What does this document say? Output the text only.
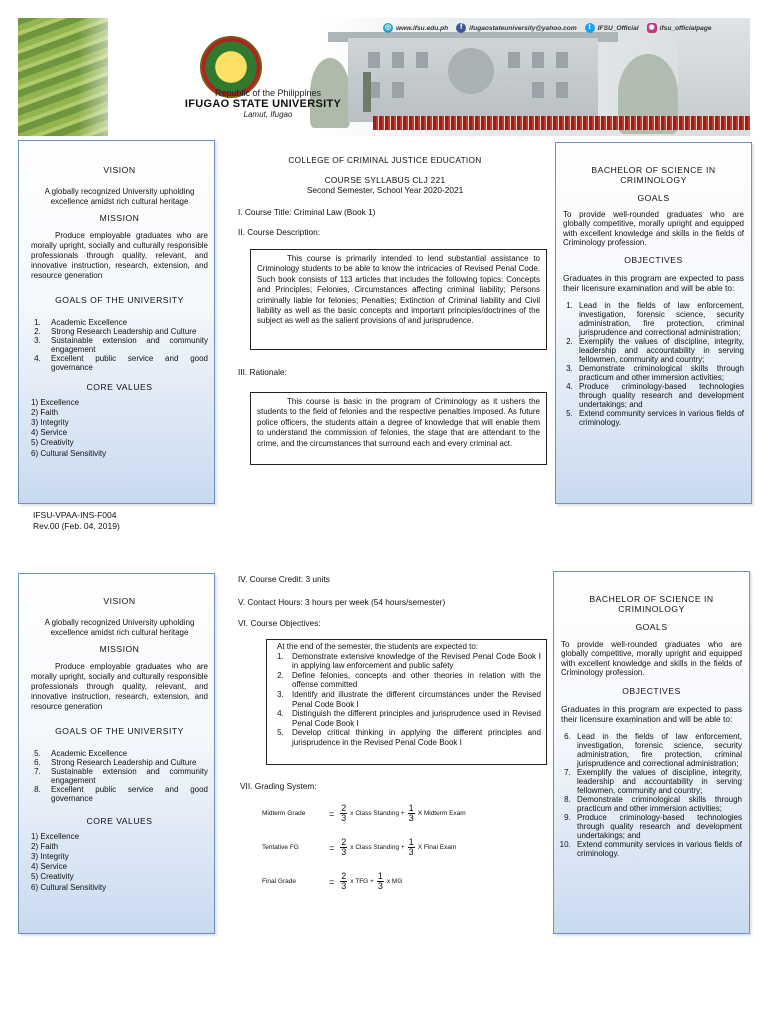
Republic of the Philippines
IFUGAO STATE UNIVERSITY
Lamut, Ifugao
◎ www.ifsu.edu.ph	f	ifugaostateuniversity@yahoo.com	t	IFSU_Official ◉ ifsu_officialpage
VISION

A globally recognized University upholding excellence amidst rich cultural heritage

MISSION

Produce employable graduates who are morally upright, socially and culturally responsible professionals through quality, relevant, and innovative instruction, research, extension, and resource generation

GOALS OF THE UNIVERSITY
1. Academic Excellence
2. Strong Research Leadership and Culture
3. Sustainable extension and community engagement
4. Excellent public service and good governance
CORE VALUES
1) Excellence
2) Faith
3) Integrity
4) Service
5) Creativity
6) Cultural Sensitivity
IFSU-VPAA-INS-F004
Rev.00 (Feb. 04, 2019)
COLLEGE OF CRIMINAL JUSTICE EDUCATION
COURSE SYLLABUS CLJ 221
Second Semester, School Year 2020-2021
I. Course Title: Criminal Law (Book 1)
II. Course Description:
This course is primarily intended to lend substantial assistance to Criminology students to be able to know the intricacies of Revised Penal Code. Such book consists of 113 articles that includes the following topics: Concepts and Principles; Felonies, Circumstances affecting criminal liability; Persons criminally liable for felonies; Penalties; Extinction of Criminal liability and Civil liability as well as the basic concepts and important principles/doctrines of the subject as well as the salient provisions of and jurisprudence.
III. Rationale:
This course is basic in the program of Criminology as it ushers the students to the field of felonies and the respective penalties imposed. As future police officers, the students attain a degree of knowledge that will enable them to understand the commission of felonies, the stage that are attendant to the crime, and the circumstances that surround each and every criminal act.
BACHELOR OF SCIENCE IN CRIMINOLOGY
GOALS

To provide well-rounded graduates who are globally competitive, morally upright and equipped with excellent knowledge and skills in the fields of Criminology profession.

OBJECTIVES

Graduates in this program are expected to pass their licensure examination and will be able to:

1. Lead in the fields of law enforcement, investigation, forensic science, security administration, fire protection, criminal jurisprudence and correctional administration;
2. Exemplify the values of discipline, integrity, leadership and accountability in serving fellowmen, community and country;
3. Demonstrate criminological skills through practicum and other immersion activities;
4. Produce criminology-based technologies through quality research and development undertakings; and
5. Extend community services in various fields of criminology.
VISION

A globally recognized University upholding excellence amidst rich cultural heritage

MISSION

Produce employable graduates who are morally upright, socially and culturally responsible professionals through quality, relevant, and innovative instruction, research, extension, and resource generation

GOALS OF THE UNIVERSITY
5. Academic Excellence
6. Strong Research Leadership and Culture
7. Sustainable extension and community engagement
8. Excellent public service and good governance
CORE VALUES
1) Excellence
2) Faith
3) Integrity
4) Service
5) Creativity
6) Cultural Sensitivity
IV. Course Credit: 3 units
V. Contact Hours: 3 hours per week (54 hours/semester)
VI. Course Objectives:
At the end of the semester, the students are expected to:
1. Demonstrate extensive knowledge of the Revised Penal Code Book I in applying law enforcement and public safety
2. Define felonies, concepts and other theories in relation with the offense committed
3. Identify and illustrate the different circumstances under the Revised Penal Code Book I
4. Distinguish the different principles and jurisprudence used in Revised Penal Code Book I
5. Develop critical thinking in applying the different principles and jurisprudence in the Revised Penal Code Book I
VII. Grading System:
Midterm Grade	= $\frac{2}{3}$ x Class Standing + $\frac{1}{3}$ X Midterm Exam
Tentative FG	= $\frac{2}{3}$ x Class Standing + $\frac{1}{3}$ X Final Exam
Final Grade	= $\frac{2}{3}$ x TFG + $\frac{1}{3}$ x MG
BACHELOR OF SCIENCE IN CRIMINOLOGY
GOALS

To provide well-rounded graduates who are globally competitive, morally upright and equipped with excellent knowledge and skills in the fields of Criminology profession.

OBJECTIVES

Graduates in this program are expected to pass their licensure examination and will be able to:

6. Lead in the fields of law enforcement, investigation, forensic science, security administration, fire protection, criminal jurisprudence and correctional administration;
7. Exemplify the values of discipline, integrity, leadership and accountability in serving fellowmen, community and country;
8. Demonstrate criminological skills through practicum and other immersion activities;
9. Produce criminology-based technologies through quality research and development undertakings; and
10. Extend community services in various fields of criminology.
